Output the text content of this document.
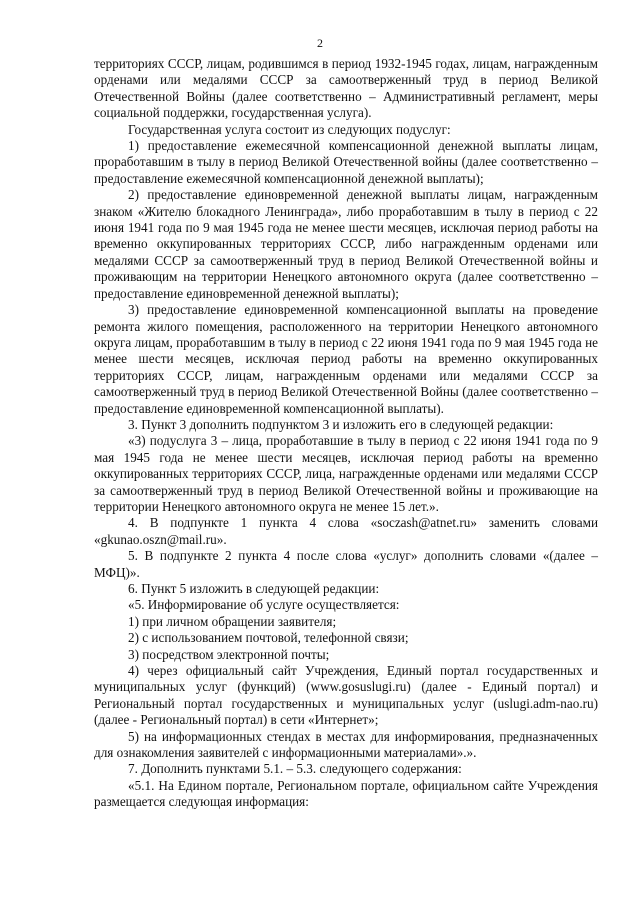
2

территориях СССР, лицам, родившимся в период 1932-1945 годах, лицам, награжденным орденами или медалями СССР за самоотверженный труд в период Великой Отечественной Войны (далее соответственно – Административный регламент, меры социальной поддержки, государственная услуга).

Государственная услуга состоит из следующих подуслуг:

1) предоставление ежемесячной компенсационной денежной выплаты лицам, проработавшим в тылу в период Великой Отечественной войны (далее соответственно – предоставление ежемесячной компенсационной денежной выплаты);

2) предоставление единовременной денежной выплаты лицам, награжденным знаком «Жителю блокадного Ленинграда», либо проработавшим в тылу в период с 22 июня 1941 года по 9 мая 1945 года не менее шести месяцев, исключая период работы на временно оккупированных территориях СССР, либо награжденным орденами или медалями СССР за самоотверженный труд в период Великой Отечественной войны и проживающим на территории Ненецкого автономного округа (далее соответственно – предоставление единовременной денежной выплаты);

3) предоставление единовременной компенсационной выплаты на проведение ремонта жилого помещения, расположенного на территории Ненецкого автономного округа лицам, проработавшим в тылу в период с 22 июня 1941 года по 9 мая 1945 года не менее шести месяцев, исключая период работы на временно оккупированных территориях СССР, лицам, награжденным орденами или медалями СССР за самоотверженный труд в период Великой Отечественной Войны (далее соответственно – предоставление единовременной компенсационной выплаты).

3. Пункт 3 дополнить подпунктом 3 и изложить его в следующей редакции:

«3) подуслуга 3 – лица, проработавшие в тылу в период с 22 июня 1941 года по 9 мая 1945 года не менее шести месяцев, исключая период работы на временно оккупированных территориях СССР, лица, награжденные орденами или медалями СССР за самоотверженный труд в период Великой Отечественной войны и проживающие на территории Ненецкого автономного округа не менее 15 лет.».

4. В подпункте 1 пункта 4 слова «soczash@atnet.ru» заменить словами «gkunao.oszn@mail.ru».

5. В подпункте 2 пункта 4 после слова «услуг» дополнить словами «(далее – МФЦ)».

6. Пункт 5 изложить в следующей редакции:

«5. Информирование об услуге осуществляется:

1) при личном обращении заявителя;

2) с использованием почтовой, телефонной связи;

3) посредством электронной почты;

4) через официальный сайт Учреждения, Единый портал государственных и муниципальных услуг (функций) (www.gosuslugi.ru) (далее - Единый портал) и Региональный портал государственных и муниципальных услуг (uslugi.adm-nao.ru) (далее - Региональный портал) в сети «Интернет»;

5) на информационных стендах в местах для информирования, предназначенных для ознакомления заявителей с информационными материалами».».

7. Дополнить пунктами 5.1. – 5.3. следующего содержания:

«5.1. На Едином портале, Региональном портале, официальном сайте Учреждения размещается следующая информация:
